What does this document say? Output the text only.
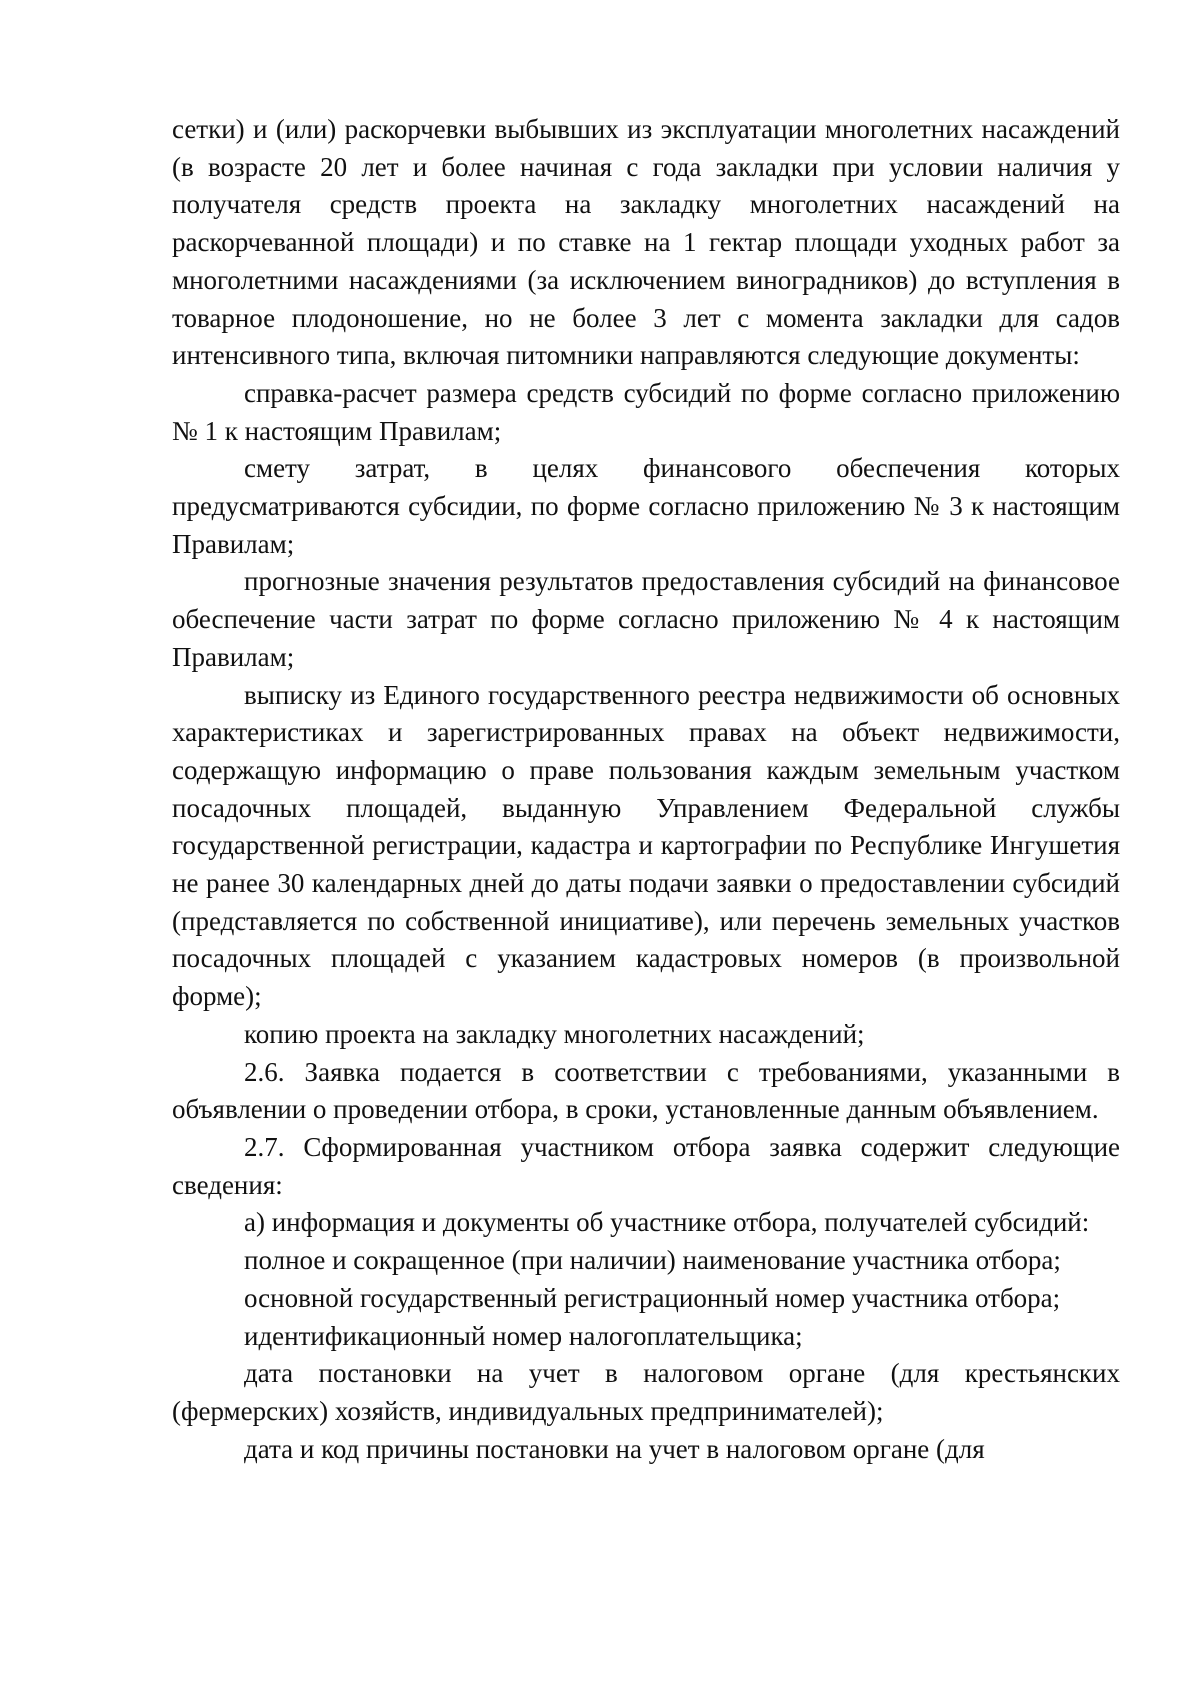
сетки) и (или) раскорчевки выбывших из эксплуатации многолетних насаждений (в возрасте 20 лет и более начиная с года закладки при условии наличия у получателя средств проекта на закладку многолетних насаждений на раскорчеванной площади) и по ставке на 1 гектар площади уходных работ за многолетними насаждениями (за исключением виноградников) до вступления в товарное плодоношение, но не более 3 лет с момента закладки для садов интенсивного типа, включая питомники направляются следующие документы:

справка-расчет размера средств субсидий по форме согласно приложению № 1 к настоящим Правилам;

смету затрат, в целях финансового обеспечения которых предусматриваются субсидии, по форме согласно приложению № 3 к настоящим Правилам;

прогнозные значения результатов предоставления субсидий на финансовое обеспечение части затрат по форме согласно приложению № 4 к настоящим Правилам;

выписку из Единого государственного реестра недвижимости об основных характеристиках и зарегистрированных правах на объект недвижимости, содержащую информацию о праве пользования каждым земельным участком посадочных площадей, выданную Управлением Федеральной службы государственной регистрации, кадастра и картографии по Республике Ингушетия не ранее 30 календарных дней до даты подачи заявки о предоставлении субсидий (представляется по собственной инициативе), или перечень земельных участков посадочных площадей с указанием кадастровых номеров (в произвольной форме);

копию проекта на закладку многолетних насаждений;

2.6. Заявка подается в соответствии с требованиями, указанными в объявлении о проведении отбора, в сроки, установленные данным объявлением.

2.7. Сформированная участником отбора заявка содержит следующие сведения:

а) информация и документы об участнике отбора, получателей субсидий:

полное и сокращенное (при наличии) наименование участника отбора;

основной государственный регистрационный номер участника отбора;

идентификационный номер налогоплательщика;

дата постановки на учет в налоговом органе (для крестьянских (фермерских) хозяйств, индивидуальных предпринимателей);

дата и код причины постановки на учет в налоговом органе (для
